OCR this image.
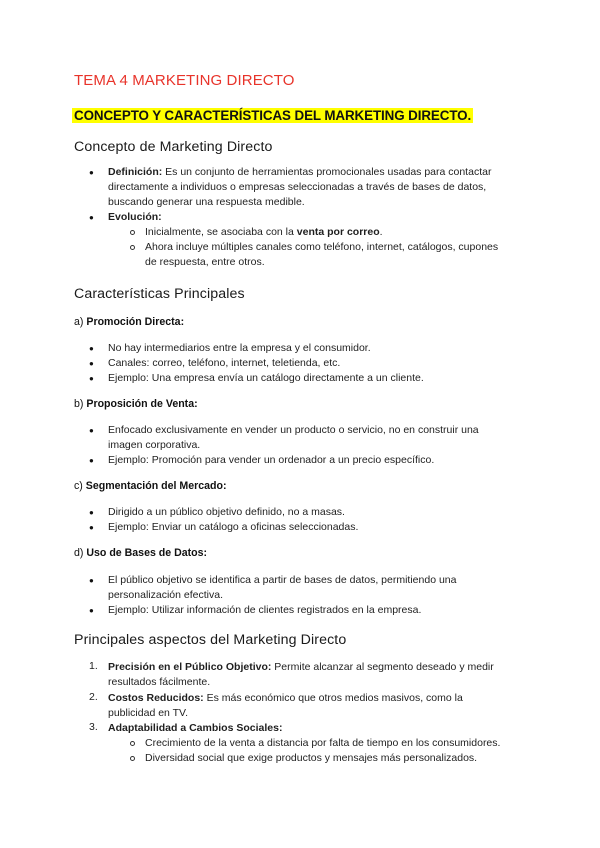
TEMA 4 MARKETING DIRECTO
CONCEPTO Y CARACTERÍSTICAS DEL MARKETING DIRECTO.
Concepto de Marketing Directo
● Definición: Es un conjunto de herramientas promocionales usadas para contactar
directamente a individuos o empresas seleccionadas a través de bases de datos,
buscando generar una respuesta medible.
● Evolución:
Inicialmente, se asociaba con la venta por correo.
Ahora incluye múltiples canales como teléfono, internet, catálogos, cupones
de respuesta, entre otros.
Características Principales
a) Promoción Directa:
● No hay intermediarios entre la empresa y el consumidor.
● Canales: correo, teléfono, internet, teletienda, etc.
● Ejemplo: Una empresa envía un catálogo directamente a un cliente.
b) Proposición de Venta:
● Enfocado exclusivamente en vender un producto o servicio, no en construir una
imagen corporativa.
● Ejemplo: Promoción para vender un ordenador a un precio específico.
c) Segmentación del Mercado:
● Dirigido a un público objetivo definido, no a masas.
● Ejemplo: Enviar un catálogo a oficinas seleccionadas.
d) Uso de Bases de Datos:
● El público objetivo se identifica a partir de bases de datos, permitiendo una
personalización efectiva.
● Ejemplo: Utilizar información de clientes registrados en la empresa.
Principales aspectos del Marketing Directo
1. Precisión en el Público Objetivo: Permite alcanzar al segmento deseado y medir
resultados fácilmente.
2. Costos Reducidos: Es más económico que otros medios masivos, como la
publicidad en TV.
3. Adaptabilidad a Cambios Sociales:
Crecimiento de la venta a distancia por falta de tiempo en los consumidores.
Diversidad social que exige productos y mensajes más personalizados.
